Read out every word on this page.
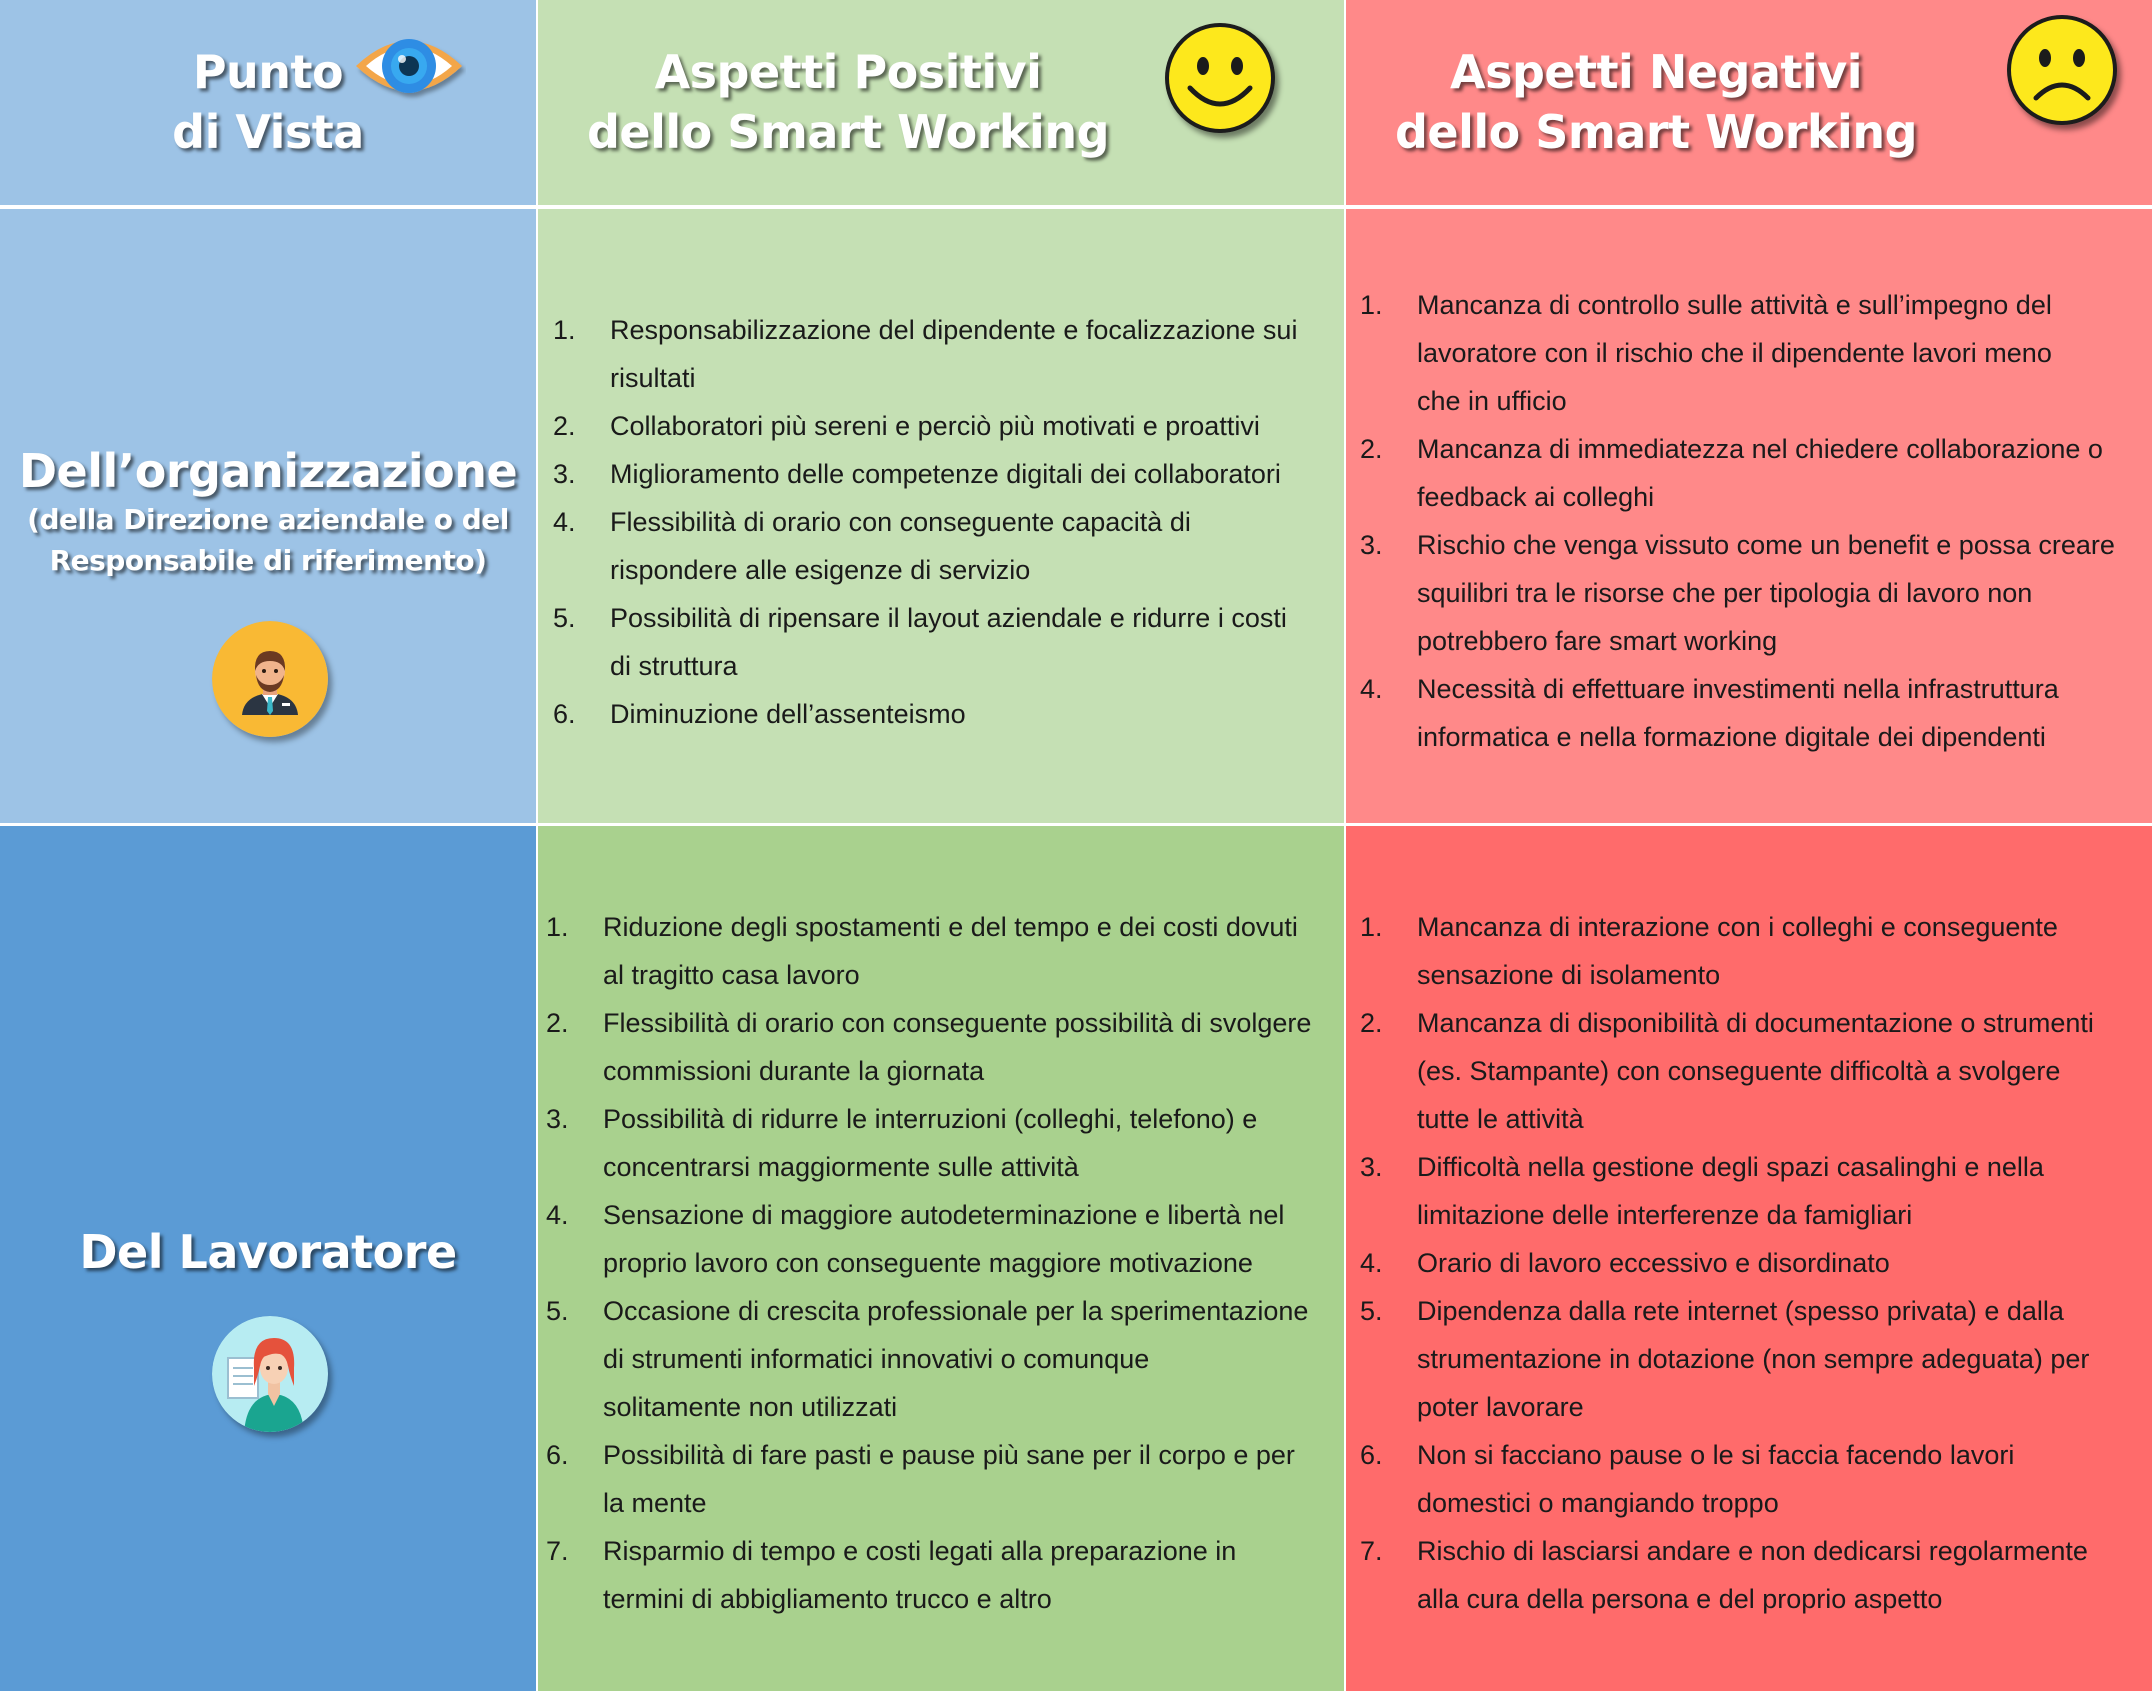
Punto
di Vista
Aspetti Positivi
dello Smart Working
Aspetti Negativi
dello Smart Working
Dell’organizzazione
(della Direzione aziendale o del
Responsabile di riferimento)
1. Responsabilizzazione del dipendente e focalizzazione sui
risultati
2. Collaboratori più sereni e perciò più motivati e proattivi
3. Miglioramento delle competenze digitali dei collaboratori
4. Flessibilità di orario con conseguente capacità di
rispondere alle esigenze di servizio
5. Possibilità di ripensare il layout aziendale e ridurre i costi
di struttura
6. Diminuzione dell’assenteismo
1. Mancanza di controllo sulle attività e sull’impegno del
lavoratore con il rischio che il dipendente lavori meno
che in ufficio
2. Mancanza di immediatezza nel chiedere collaborazione o
feedback ai colleghi
3. Rischio che venga vissuto come un benefit e possa creare
squilibri tra le risorse che per tipologia di lavoro non
potrebbero fare smart working
4. Necessità di effettuare investimenti nella infrastruttura
informatica e nella formazione digitale dei dipendenti
Del Lavoratore
1. Riduzione degli spostamenti e del tempo e dei costi dovuti
al tragitto casa lavoro
2. Flessibilità di orario con conseguente possibilità di svolgere
commissioni durante la giornata
3. Possibilità di ridurre le interruzioni (colleghi, telefono) e
concentrarsi maggiormente sulle attività
4. Sensazione di maggiore autodeterminazione e libertà nel
proprio lavoro con conseguente maggiore motivazione
5. Occasione di crescita professionale per la sperimentazione
di strumenti informatici innovativi o comunque
solitamente non utilizzati
6. Possibilità di fare pasti e pause più sane per il corpo e per
la mente
7. Risparmio di tempo e costi legati alla preparazione in
termini di abbigliamento trucco e altro
1. Mancanza di interazione con i colleghi e conseguente
sensazione di isolamento
2. Mancanza di disponibilità di documentazione o strumenti
(es. Stampante) con conseguente difficoltà a svolgere
tutte le attività
3. Difficoltà nella gestione degli spazi casalinghi e nella
limitazione delle interferenze da famigliari
4. Orario di lavoro eccessivo e disordinato
5. Dipendenza dalla rete internet (spesso privata) e dalla
strumentazione in dotazione (non sempre adeguata) per
poter lavorare
6. Non si facciano pause o le si faccia facendo lavori
domestici o mangiando troppo
7. Rischio di lasciarsi andare e non dedicarsi regolarmente
alla cura della persona e del proprio aspetto
